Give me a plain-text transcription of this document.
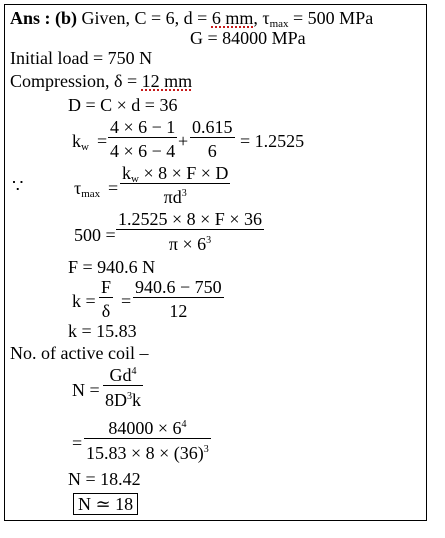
Ans : (b) Given, C = 6, d = 6 mm, $\tau_{max} = 500$ MPa
G = 84000 MPa
Initial load = 750 N
Compression, δ = 12 mm
D = C × d = 36
$k_w = \frac{4 \times 6 - 1}{4 \times 6 - 4} + \frac{0.615}{6} = 1.2525$
∵	$\tau_{max} = \frac{k_w \times 8 \times F \times D}{\pi d^3}$
$500 = \frac{1.2525 \times 8 \times F \times 36}{\pi \times 6^3}$
F = 940.6 N
$k = \frac{F}{\delta} = \frac{940.6 - 750}{12}$
k = 15.83
No. of active coil –
$N = \frac{Gd^4}{8D^3k}$
= $\frac{84000 \times 6^4}{15.83 \times 8 \times (36)^3}$
N = 18.42
N ≃ 18
